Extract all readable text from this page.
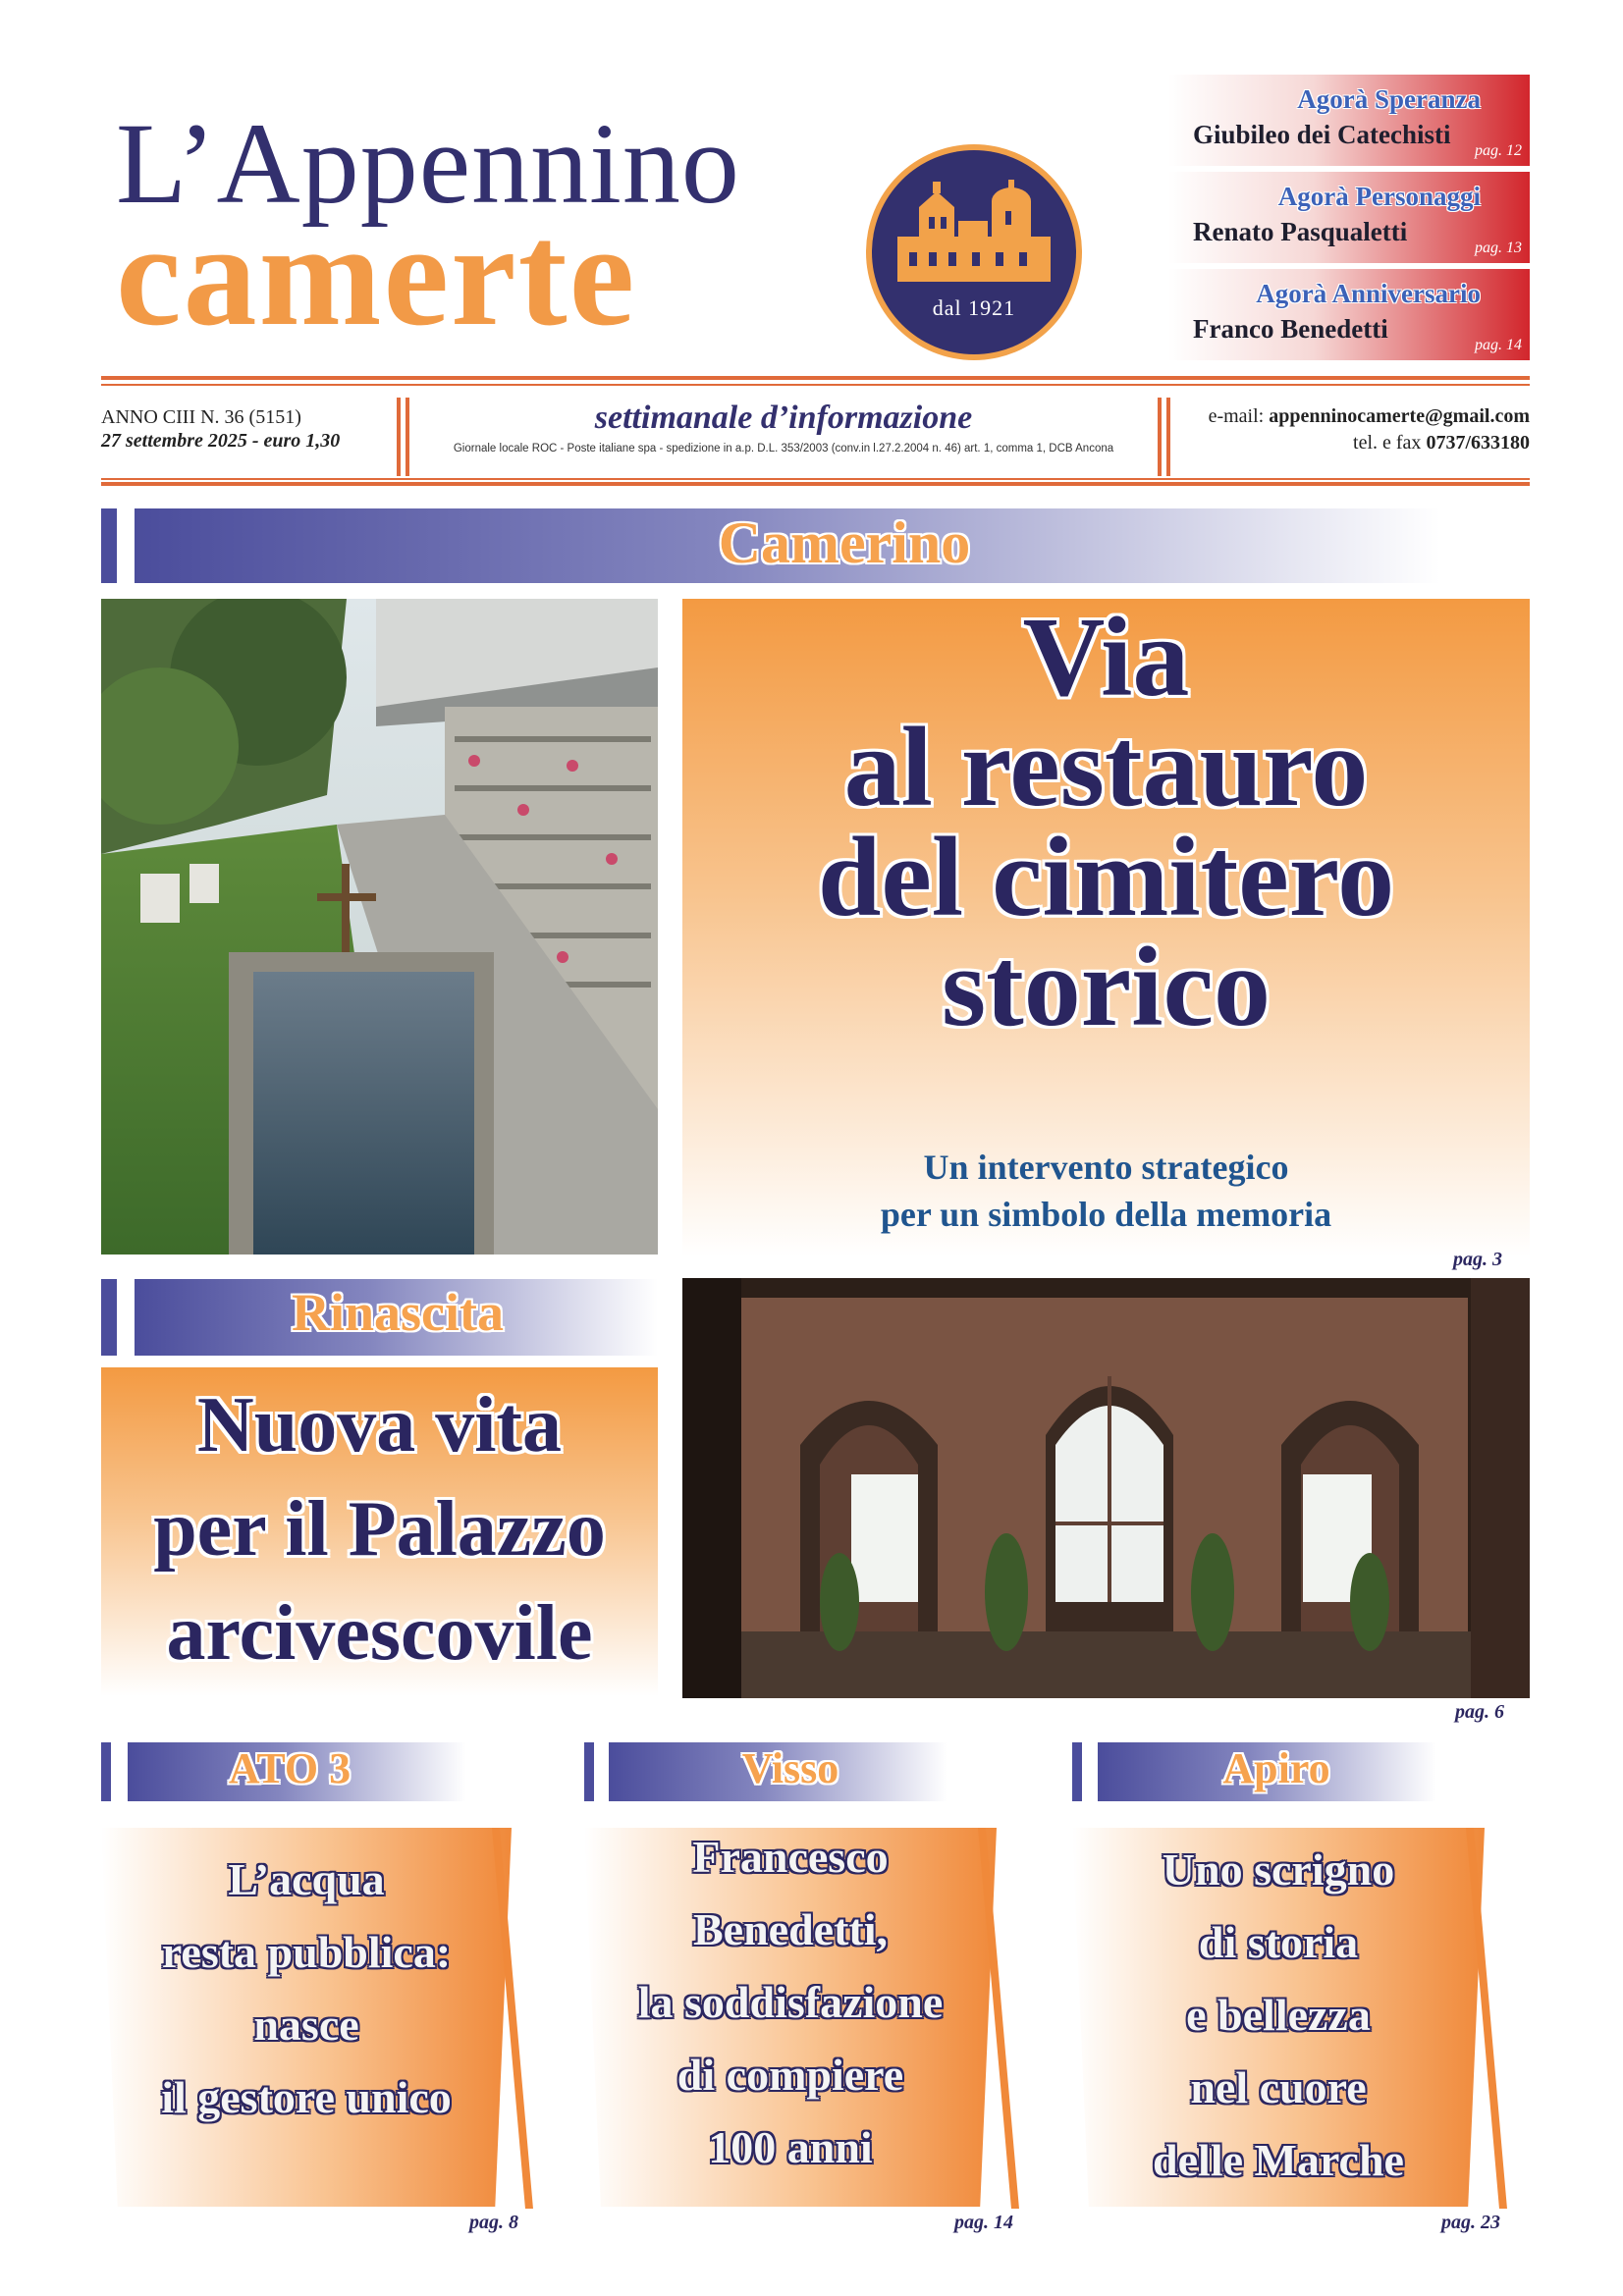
L’Appennino
camerte	dal 1921
Agorà Speranza
Giubileo dei Catechisti
pag. 12
Agorà Personaggi
Renato Pasqualetti
pag. 13
Agorà Anniversario
Franco Benedetti
pag. 14
ANNO CIII N. 36 (5151)
27 settembre 2025 - euro 1,30
settimanale d’informazione
Giornale locale ROC - Poste italiane spa - spedizione in a.p. D.L. 353/2003 (conv.in l.27.2.2004 n. 46) art. 1, comma 1, DCB Ancona
e-mail: appenninocamerte@gmail.com
tel. e fax 0737/633180
Camerino
Via
al restauro
del cimitero
storico
Un intervento strategico
per un simbolo della memoria
pag. 3
Rinascita
Nuova vita
per il Palazzo
arcivescovile
pag. 6
ATO 3
L’acqua
resta pubblica:
nasce
il gestore unico
pag. 8
Visso
Francesco
Benedetti,
la soddisfazione
di compiere
100 anni
pag. 14
Apiro
Uno scrigno
di storia
e bellezza
nel cuore
delle Marche
pag. 23
